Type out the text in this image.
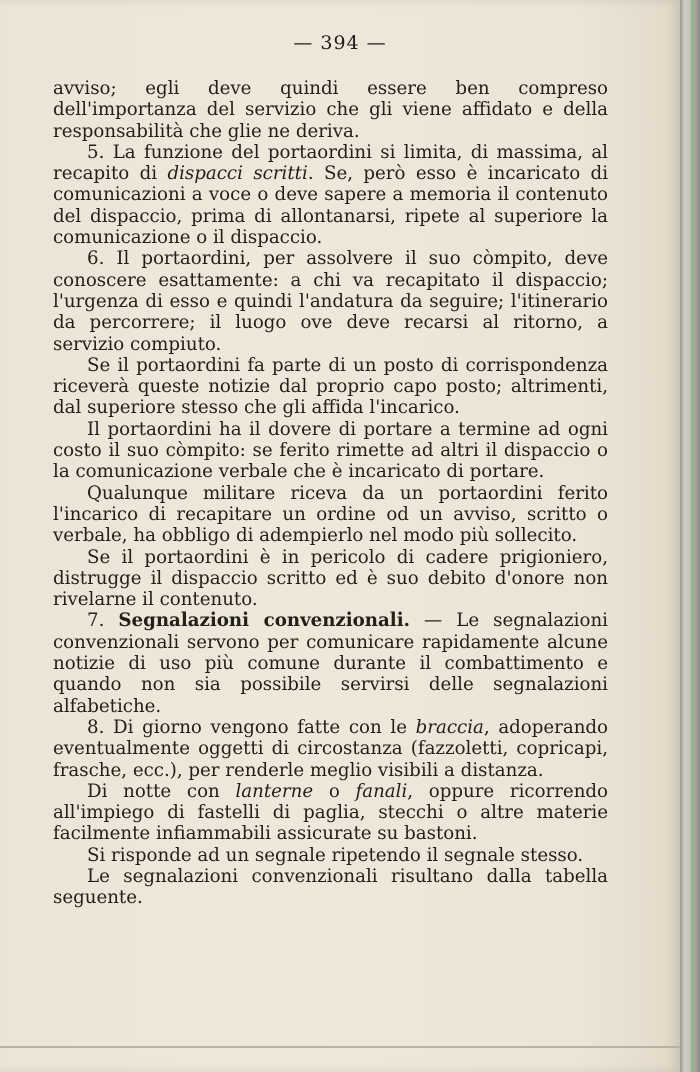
— 394 —

avviso; egli deve quindi essere ben compreso dell'importanza del servizio che gli viene affidato e della responsabilità che glie ne deriva.

5. La funzione del portaordini si limita, di massima, al recapito di dispacci scritti. Se, però esso è incaricato di comunicazioni a voce o deve sapere a memoria il contenuto del dispaccio, prima di allontanarsi, ripete al superiore la comunicazione o il dispaccio.

6. Il portaordini, per assolvere il suo còmpito, deve conoscere esattamente: a chi va recapitato il dispaccio; l'urgenza di esso e quindi l'andatura da seguire; l'itinerario da percorrere; il luogo ove deve recarsi al ritorno, a servizio compiuto.

Se il portaordini fa parte di un posto di corrispondenza riceverà queste notizie dal proprio capo posto; altrimenti, dal superiore stesso che gli affida l'incarico.

Il portaordini ha il dovere di portare a termine ad ogni costo il suo còmpito: se ferito rimette ad altri il dispaccio o la comunicazione verbale che è incaricato di portare.

Qualunque militare riceva da un portaordini ferito l'incarico di recapitare un ordine od un avviso, scritto o verbale, ha obbligo di adempierlo nel modo più sollecito.

Se il portaordini è in pericolo di cadere prigioniero, distrugge il dispaccio scritto ed è suo debito d'onore non rivelarne il contenuto.

7. Segnalazioni convenzionali. — Le segnalazioni convenzionali servono per comunicare rapidamente alcune notizie di uso più comune durante il combattimento e quando non sia possibile servirsi delle segnalazioni alfabetiche.

8. Di giorno vengono fatte con le braccia, adoperando eventualmente oggetti di circostanza (fazzoletti, copricapi, frasche, ecc.), per renderle meglio visibili a distanza.

Di notte con lanterne o fanali, oppure ricorrendo all'impiego di fastelli di paglia, stecchi o altre materie facilmente infiammabili assicurate su bastoni.

Si risponde ad un segnale ripetendo il segnale stesso.

Le segnalazioni convenzionali risultano dalla tabella seguente.
